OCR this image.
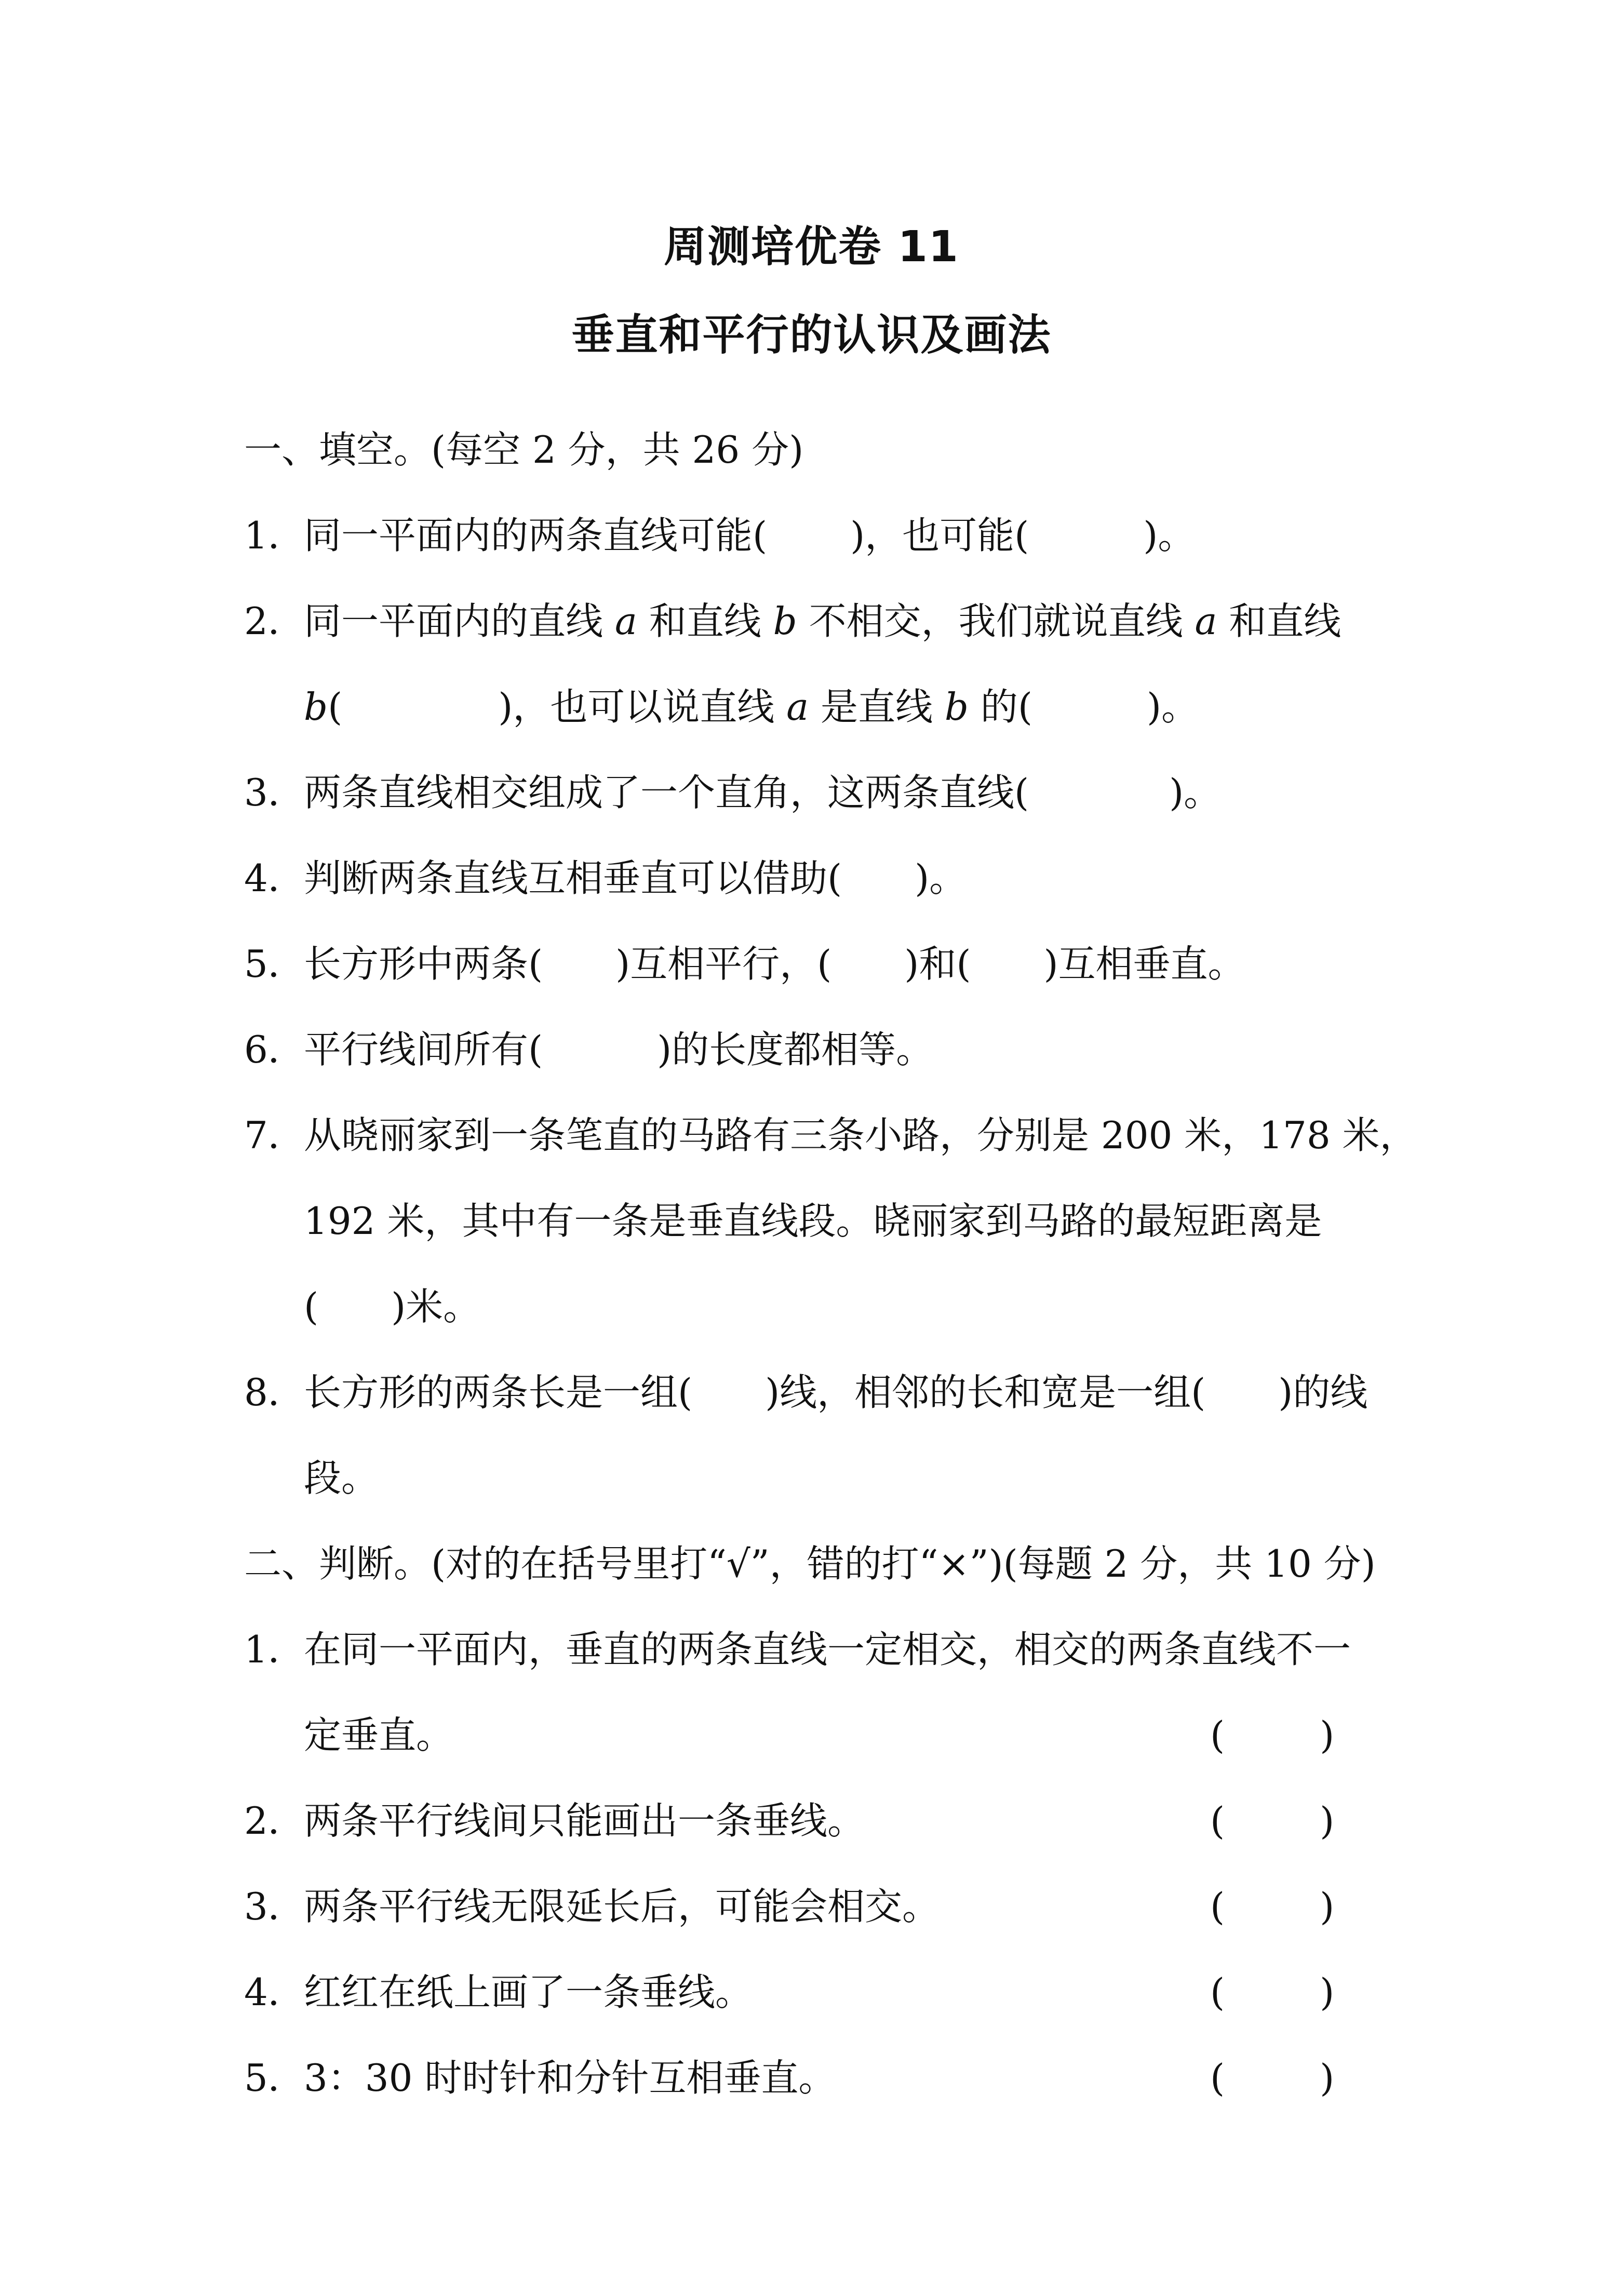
周测培优卷 11
垂直和平行的认识及画法
一、填空。(每空 2 分，共 26 分)
1．同一平面内的两条直线可能( )，也可能(	)。
2．同一平面内的直线 a 和直线 b 不相交，我们就说直线 a 和直线
b(	)，也可以说直线 a 是直线 b 的(	)。
3．两条直线相交组成了一个直角，这两条直线(	)。
4．判断两条直线互相垂直可以借助( )。
5．长方形中两条( )互相平行，( )和( )互相垂直。
6．平行线间所有(	)的长度都相等。
7．从晓丽家到一条笔直的马路有三条小路，分别是 200 米，178 米，
192 米，其中有一条是垂直线段。晓丽家到马路的最短距离是
( )米。
8．长方形的两条长是一组( )线，相邻的长和宽是一组( )的线
段。
二、判断。(对的在括号里打“√”，错的打“×”)(每题 2 分，共 10 分)
1．在同一平面内，垂直的两条直线一定相交，相交的两条直线不一
定垂直。	(        )
2．两条平行线间只能画出一条垂线。	(        )
3．两条平行线无限延长后，可能会相交。	(        )
4．红红在纸上画了一条垂线。	(        )
5．3：30 时时针和分针互相垂直。	(        )
